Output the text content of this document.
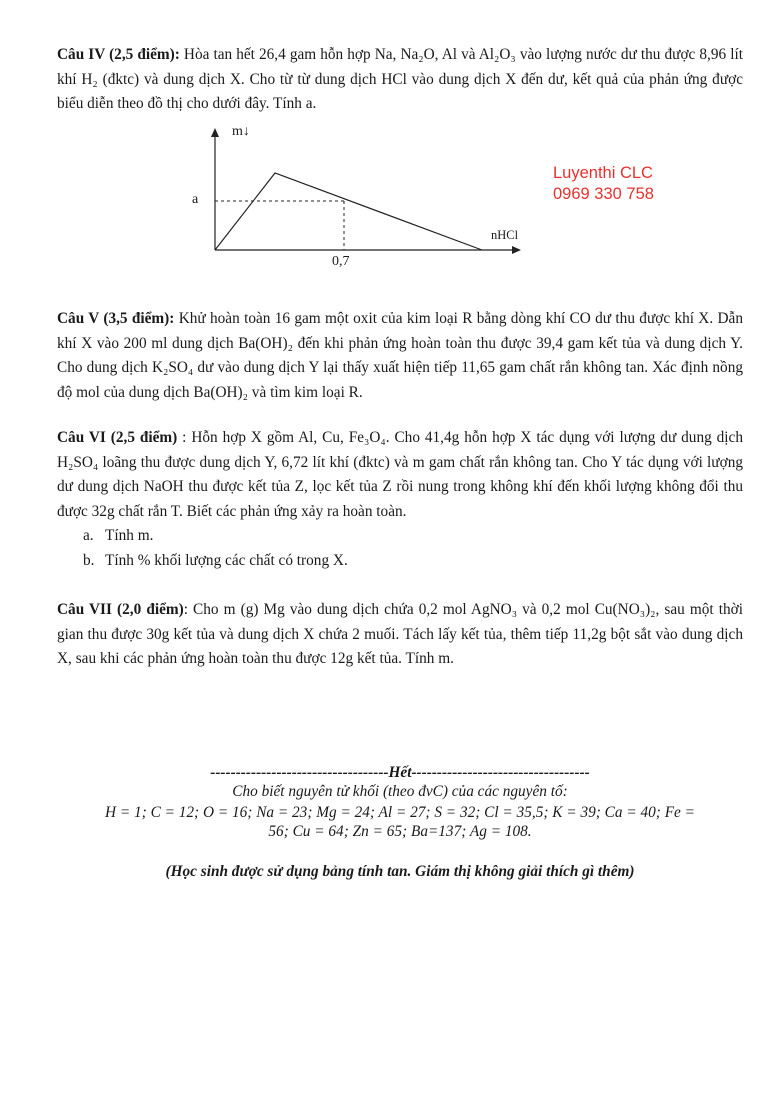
Câu IV (2,5 điểm): Hòa tan hết 26,4 gam hỗn hợp Na, Na₂O, Al và Al₂O₃ vào lượng nước dư thu được 8,96 lít khí H₂ (đktc) và dung dịch X. Cho từ từ dung dịch HCl vào dung dịch X đến dư, kết quả của phản ứng được biểu diễn theo đồ thị cho dưới đây. Tính a.
m↓
a
nHCl
0,7
Luyenthi CLC
0969 330 758
Câu V (3,5 điểm): Khử hoàn toàn 16 gam một oxit của kim loại R bằng dòng khí CO dư thu được khí X. Dẫn khí X vào 200 ml dung dịch Ba(OH)₂ đến khi phản ứng hoàn toàn thu được 39,4 gam kết tủa và dung dịch Y. Cho dung dịch K₂SO₄ dư vào dung dịch Y lại thấy xuất hiện tiếp 11,65 gam chất rắn không tan. Xác định nồng độ mol của dung dịch Ba(OH)₂ và tìm kim loại R.
Câu VI (2,5 điểm) : Hỗn hợp X gồm Al, Cu, Fe₃O₄. Cho 41,4g hỗn hợp X tác dụng với lượng dư dung dịch H₂SO₄ loãng thu được dung dịch Y, 6,72 lít khí (đktc) và m gam chất rắn không tan. Cho Y tác dụng với lượng dư dung dịch NaOH thu được kết tủa Z, lọc kết tủa Z rồi nung trong không khí đến khối lượng không đổi thu được 32g chất rắn T. Biết các phản ứng xảy ra hoàn toàn.
a. Tính m.
b. Tính % khối lượng các chất có trong X.
Câu VII (2,0 điểm): Cho m (g) Mg vào dung dịch chứa 0,2 mol AgNO₃ và 0,2 mol Cu(NO₃)₂, sau một thời gian thu được 30g kết tủa và dung dịch X chứa 2 muối. Tách lấy kết tủa, thêm tiếp 11,2g bột sắt vào dung dịch X, sau khi các phản ứng hoàn toàn thu được 12g kết tủa. Tính m.
-----------------------------------Hết-----------------------------------
Cho biết nguyên tử khối (theo đvC) của các nguyên tố:
H = 1; C = 12; O = 16; Na = 23; Mg = 24; Al = 27; S = 32; Cl = 35,5; K = 39; Ca = 40; Fe =
56; Cu = 64; Zn = 65; Ba=137; Ag = 108.
(Học sinh được sử dụng bảng tính tan. Giám thị không giải thích gì thêm)
